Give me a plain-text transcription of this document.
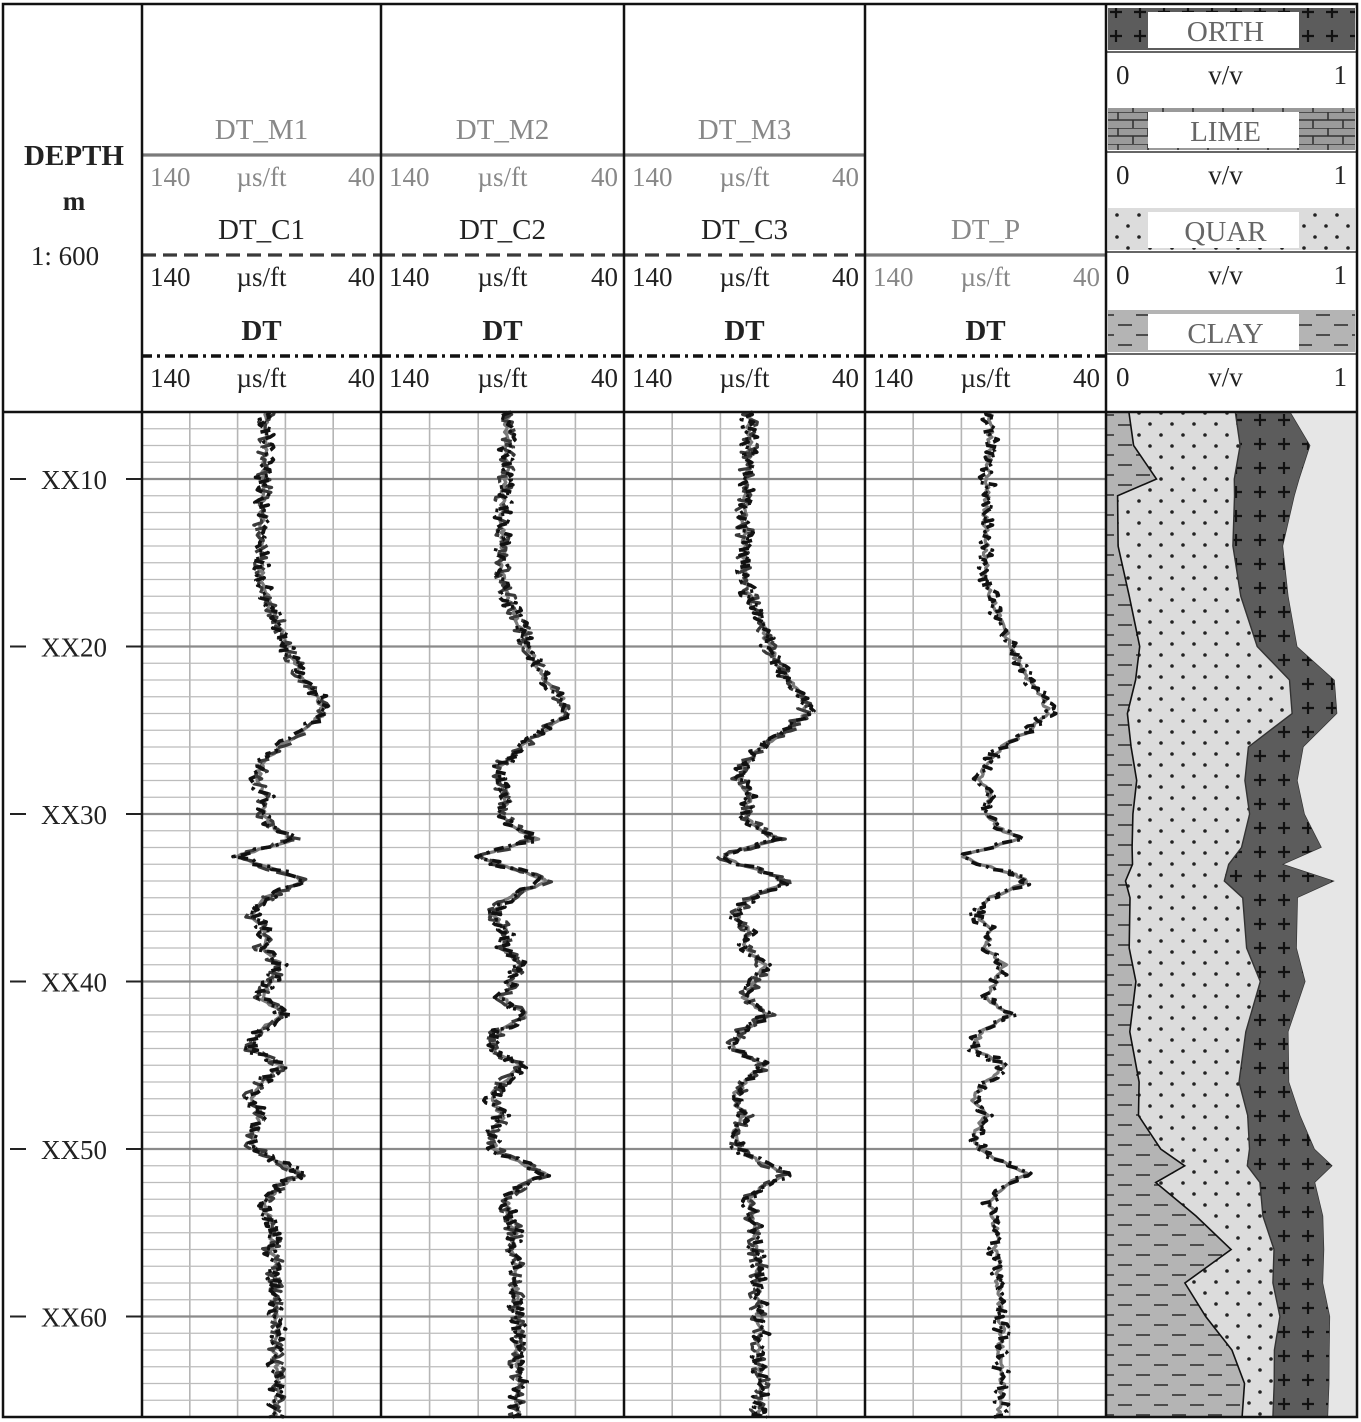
DEPTH
m
1: 600
DT_M1
140 µs/ft 40
DT_C1
140 µs/ft 40
DT
140 µs/ft 40
DT_M2
140 µs/ft 40
DT_C2
140 µs/ft 40
DT
140 µs/ft 40
DT_M3
140 µs/ft 40
DT_C3
140 µs/ft 40
DT
140 µs/ft 40
DT_P
140 µs/ft 40
DT
140 µs/ft 40
ORTH
0	v/v	1
LIME
0	v/v	1
QUAR
0	v/v	1
CLAY
0	v/v	1
XX10
XX20
XX30
XX40
XX50
XX60
